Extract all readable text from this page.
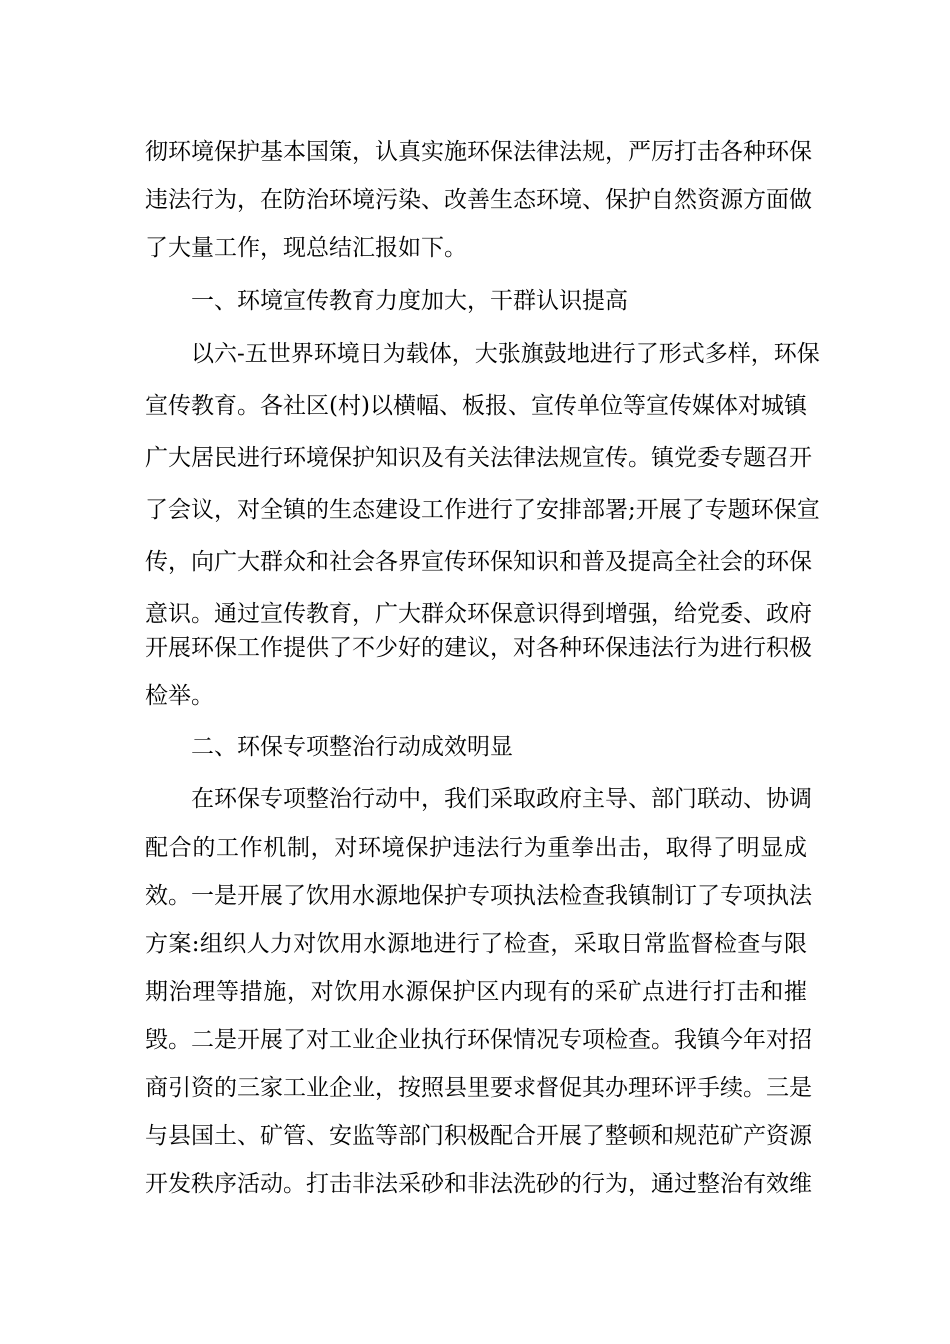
彻环境保护基本国策，认真实施环保法律法规，严厉打击各种环保
违法行为，在防治环境污染、改善生态环境、保护自然资源方面做
了大量工作，现总结汇报如下。
一、环境宣传教育力度加大，干群认识提高
以六-五世界环境日为载体，大张旗鼓地进行了形式多样，环保
宣传教育。各社区(村)以横幅、板报、宣传单位等宣传媒体对城镇
广大居民进行环境保护知识及有关法律法规宣传。镇党委专题召开
了会议，对全镇的生态建设工作进行了安排部署;开展了专题环保宣
传，向广大群众和社会各界宣传环保知识和普及提高全社会的环保
意识。通过宣传教育，广大群众环保意识得到增强，给党委、政府
开展环保工作提供了不少好的建议，对各种环保违法行为进行积极
检举。
二、环保专项整治行动成效明显
在环保专项整治行动中，我们采取政府主导、部门联动、协调
配合的工作机制，对环境保护违法行为重拳出击，取得了明显成
效。一是开展了饮用水源地保护专项执法检查我镇制订了专项执法
方案:组织人力对饮用水源地进行了检查，采取日常监督检查与限
期治理等措施，对饮用水源保护区内现有的采矿点进行打击和摧
毁。二是开展了对工业企业执行环保情况专项检查。我镇今年对招
商引资的三家工业企业，按照县里要求督促其办理环评手续。三是
与县国土、矿管、安监等部门积极配合开展了整顿和规范矿产资源
开发秩序活动。打击非法采砂和非法洗砂的行为，通过整治有效维
